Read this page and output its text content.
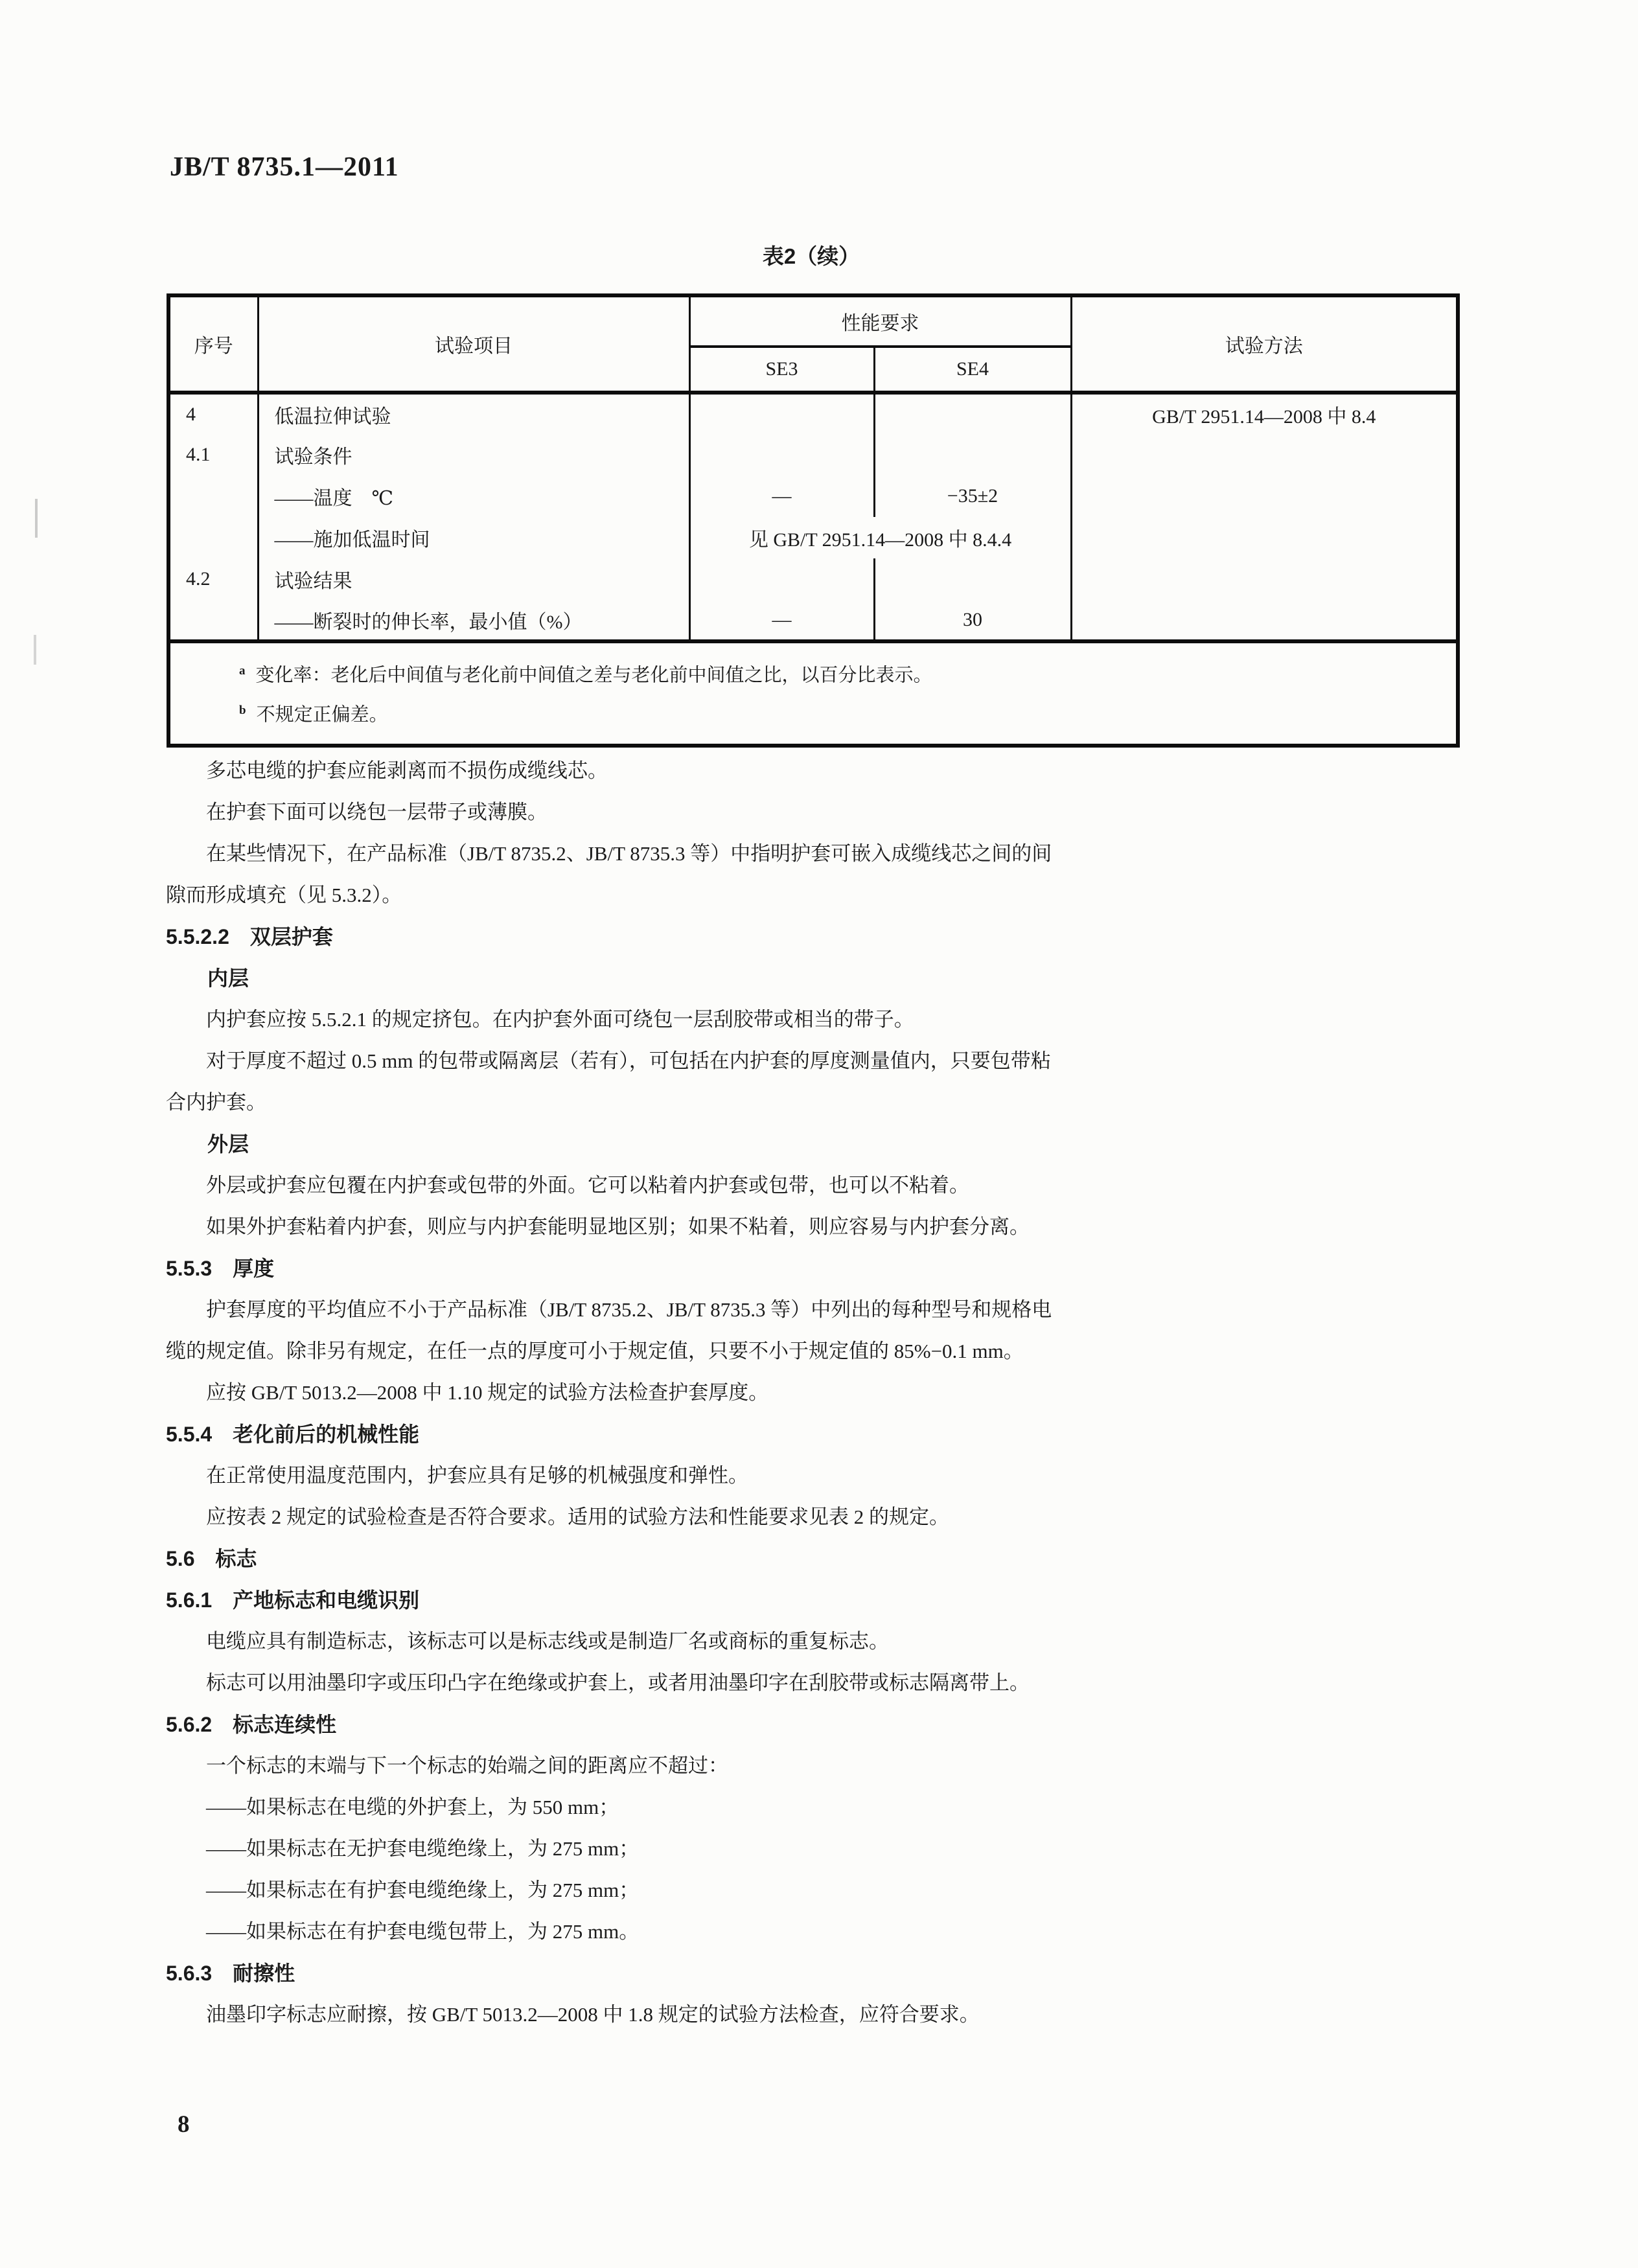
JB/T 8735.1—2011
表2（续）
序号	试验项目	性能要求		试验方法
		SE3	SE4	
4	低温拉伸试验			GB/T 2951.14—2008 中 8.4
4.1	试验条件			
	——温度　℃	—	−35±2	
	——施加低温时间	见 GB/T 2951.14—2008 中 8.4.4		
4.2	试验结果			
	——断裂时的伸长率，最小值（%）	—	30	

$^a$ 变化率：老化后中间值与老化前中间值之差与老化前中间值之比，以百分比表示。
$^b$ 不规定正偏差。				

多芯电缆的护套应能剥离而不损伤成缆线芯。

在护套下面可以绕包一层带子或薄膜。

在某些情况下，在产品标准（JB/T 8735.2、JB/T 8735.3 等）中指明护套可嵌入成缆线芯之间的间

隙而形成填充（见 5.3.2）。

5.5.2.2　双层护套

内层

内护套应按 5.5.2.1 的规定挤包。在内护套外面可绕包一层刮胶带或相当的带子。

对于厚度不超过 0.5 mm 的包带或隔离层（若有），可包括在内护套的厚度测量值内，只要包带粘

合内护套。

外层

外层或护套应包覆在内护套或包带的外面。它可以粘着内护套或包带，也可以不粘着。

如果外护套粘着内护套，则应与内护套能明显地区别；如果不粘着，则应容易与内护套分离。

5.5.3　厚度

护套厚度的平均值应不小于产品标准（JB/T 8735.2、JB/T 8735.3 等）中列出的每种型号和规格电

缆的规定值。除非另有规定，在任一点的厚度可小于规定值，只要不小于规定值的 85%−0.1 mm。

应按 GB/T 5013.2—2008 中 1.10 规定的试验方法检查护套厚度。

5.5.4　老化前后的机械性能

在正常使用温度范围内，护套应具有足够的机械强度和弹性。

应按表 2 规定的试验检查是否符合要求。适用的试验方法和性能要求见表 2 的规定。

5.6　标志

5.6.1　产地标志和电缆识别

电缆应具有制造标志，该标志可以是标志线或是制造厂名或商标的重复标志。

标志可以用油墨印字或压印凸字在绝缘或护套上，或者用油墨印字在刮胶带或标志隔离带上。

5.6.2　标志连续性

一个标志的末端与下一个标志的始端之间的距离应不超过：

——如果标志在电缆的外护套上，为 550 mm；

——如果标志在无护套电缆绝缘上，为 275 mm；

——如果标志在有护套电缆绝缘上，为 275 mm；

——如果标志在有护套电缆包带上，为 275 mm。

5.6.3　耐擦性

油墨印字标志应耐擦，按 GB/T 5013.2—2008 中 1.8 规定的试验方法检查，应符合要求。

8
